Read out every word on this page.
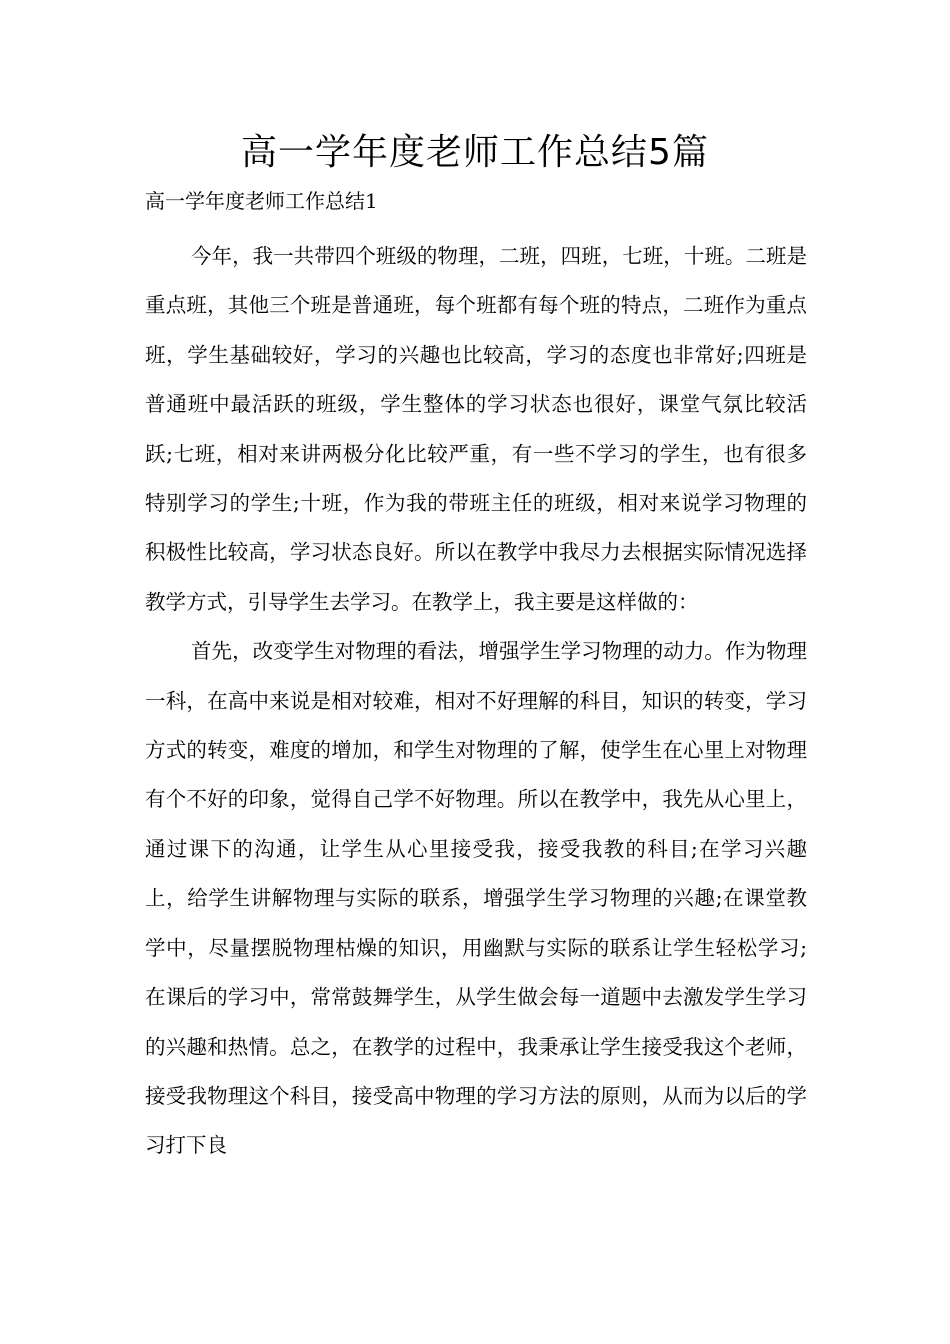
高一学年度老师工作总结5篇

高一学年度老师工作总结1

今年，我一共带四个班级的物理，二班，四班，七班，十班。二班是重点班，其他三个班是普通班，每个班都有每个班的特点，二班作为重点班，学生基础较好，学习的兴趣也比较高，学习的态度也非常好;四班是普通班中最活跃的班级，学生整体的学习状态也很好，课堂气氛比较活跃;七班，相对来讲两极分化比较严重，有一些不学习的学生，也有很多特别学习的学生;十班，作为我的带班主任的班级，相对来说学习物理的积极性比较高，学习状态良好。所以在教学中我尽力去根据实际情况选择教学方式，引导学生去学习。在教学上，我主要是这样做的：

首先，改变学生对物理的看法，增强学生学习物理的动力。作为物理一科，在高中来说是相对较难，相对不好理解的科目，知识的转变，学习方式的转变，难度的增加，和学生对物理的了解，使学生在心里上对物理有个不好的印象，觉得自己学不好物理。所以在教学中，我先从心里上，通过课下的沟通，让学生从心里接受我，接受我教的科目;在学习兴趣上，给学生讲解物理与实际的联系，增强学生学习物理的兴趣;在课堂教学中，尽量摆脱物理枯燥的知识，用幽默与实际的联系让学生轻松学习;在课后的学习中，常常鼓舞学生，从学生做会每一道题中去激发学生学习的兴趣和热情。总之，在教学的过程中，我秉承让学生接受我这个老师，接受我物理这个科目，接受高中物理的学习方法的原则，从而为以后的学习打下良
